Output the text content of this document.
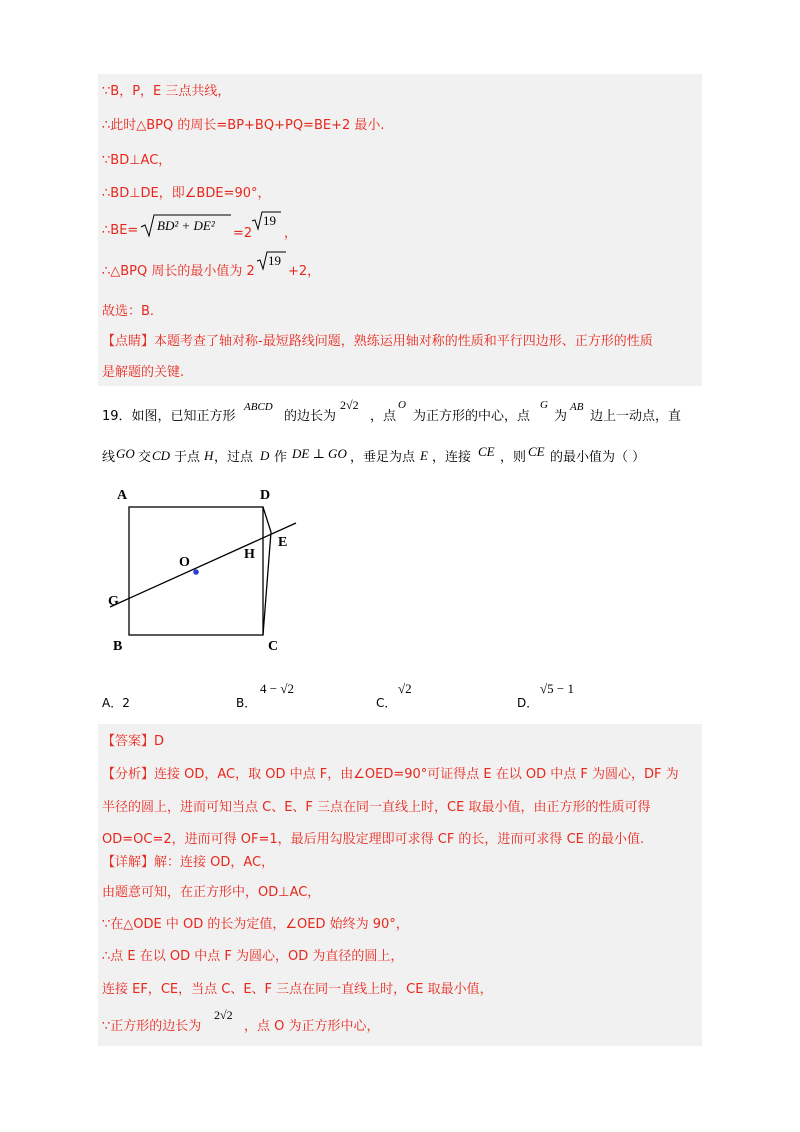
∵B，P，E 三点共线，
∴此时△BPQ 的周长=BP+BQ+PQ=BE+2 最小.
∵BD⊥AC，
∴BD⊥DE，即∠BDE=90°，
∴BE= BD² + DE²
=2
19
，
∴△BPQ 周长的最小值为 2
19
+2，
故选：B.
【点睛】本题考查了轴对称-最短路线问题，熟练运用轴对称的性质和平行四边形、正方形的性质
是解题的关键.
19．如图，已知正方形
ABCD
的边长为
2√2
，点
O
为正方形的中心，点
G
为
AB
边上一动点，直
线 GO 交 CD 于点 H ，过点 D 作 DE ⊥ GO ，垂足为点 E ，连接 CE ，则 CE 的最小值为（ ）
A	D
E
H
O
G
B	C
A．2	B．
4 − √2
C．
√2
D．
√5 − 1
【答案】D
【分析】连接 OD，AC，取 OD 中点 F，由∠OED=90°可证得点 E 在以 OD 中点 F 为圆心，DF 为
半径的圆上，进而可知当点 C、E、F 三点在同一直线上时，CE 取最小值，由正方形的性质可得
OD=OC=2，进而可得 OF=1，最后用勾股定理即可求得 CF 的长，进而可求得 CE 的最小值.
【详解】解：连接 OD，AC，
由题意可知，在正方形中，OD⊥AC，
∵在△ODE 中 OD 的长为定值，∠OED 始终为 90°，
∴点 E 在以 OD 中点 F 为圆心，OD 为直径的圆上，
连接 EF，CE，当点 C、E、F 三点在同一直线上时，CE 取最小值，
∵正方形的边长为
2√2
，点 O 为正方形中心，
